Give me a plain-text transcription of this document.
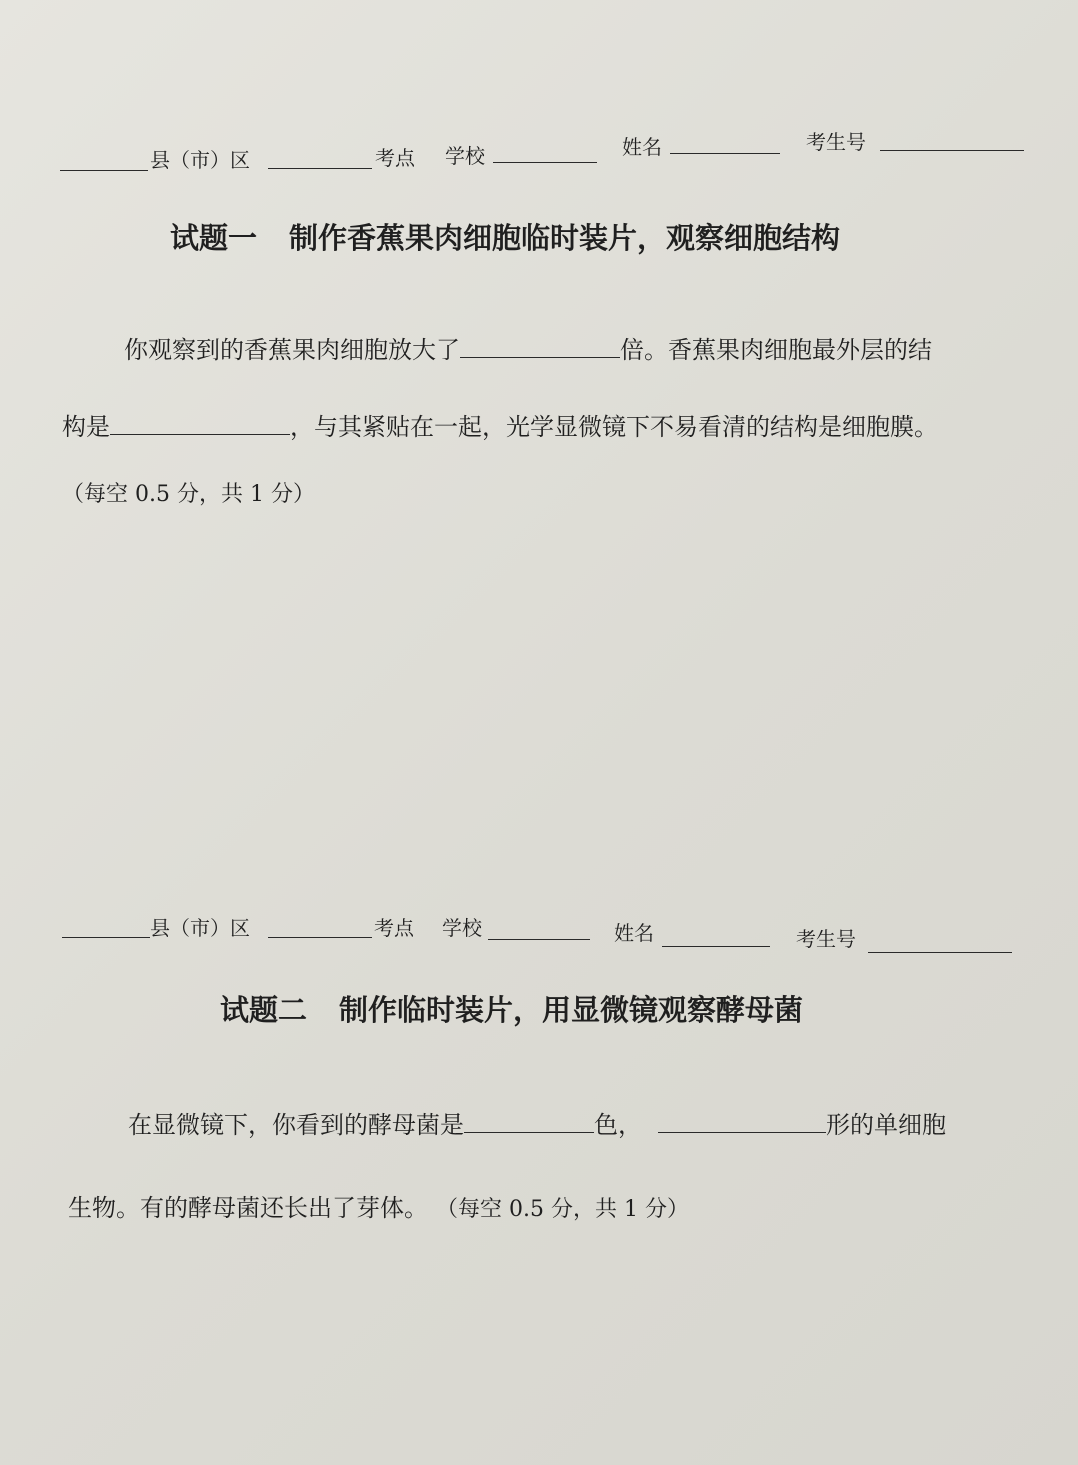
县（市）区	考点 学校	姓名	考生号
试题一 制作香蕉果肉细胞临时装片，观察细胞结构
你观察到的香蕉果肉细胞放大了	倍。香蕉果肉细胞最外层的结
构是	，与其紧贴在一起，光学显微镜下不易看清的结构是细胞膜。
（每空 0.5 分，共 1 分）
县（市）区	考点 学校	姓名	考生号
试题二 制作临时装片，用显微镜观察酵母菌
在显微镜下，你看到的酵母菌是	色，	形的单细胞
生物。有的酵母菌还长出了芽体。 （每空 0.5 分，共 1 分）
